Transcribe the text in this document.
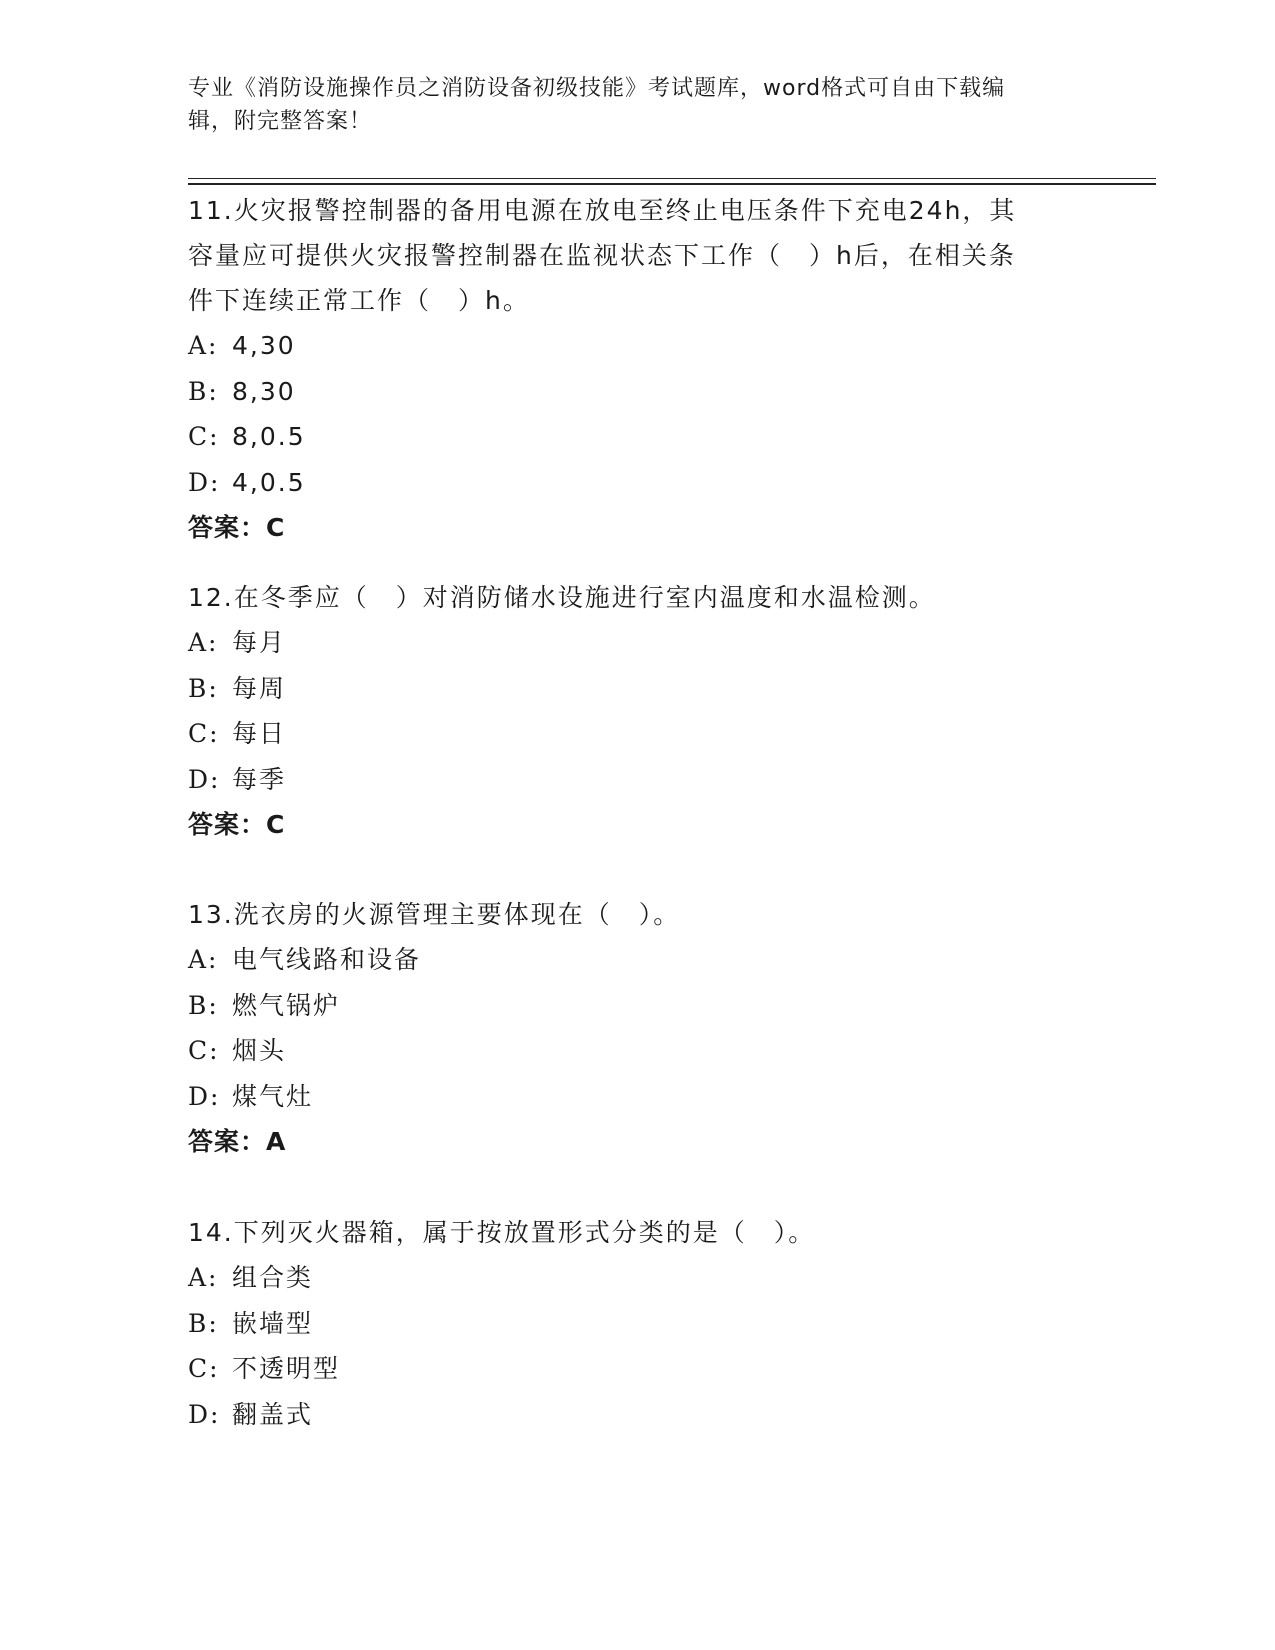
专业《消防设施操作员之消防设备初级技能》考试题库，word格式可自由下载编
辑，附完整答案！

11.火灾报警控制器的备用电源在放电至终止电压条件下充电24h，其

容量应可提供火灾报警控制器在监视状态下工作（　）h后，在相关条

件下连续正常工作（　）h。

A: 4,30

B: 8,30

C: 8,0.5

D: 4,0.5

答案：C

12.在冬季应（　）对消防储水设施进行室内温度和水温检测。

A: 每月

B: 每周

C: 每日

D: 每季

答案：C

13.洗衣房的火源管理主要体现在（　）。

A: 电气线路和设备

B: 燃气锅炉

C: 烟头

D: 煤气灶

答案：A

14.下列灭火器箱，属于按放置形式分类的是（　）。

A: 组合类

B: 嵌墙型

C: 不透明型

D: 翻盖式
